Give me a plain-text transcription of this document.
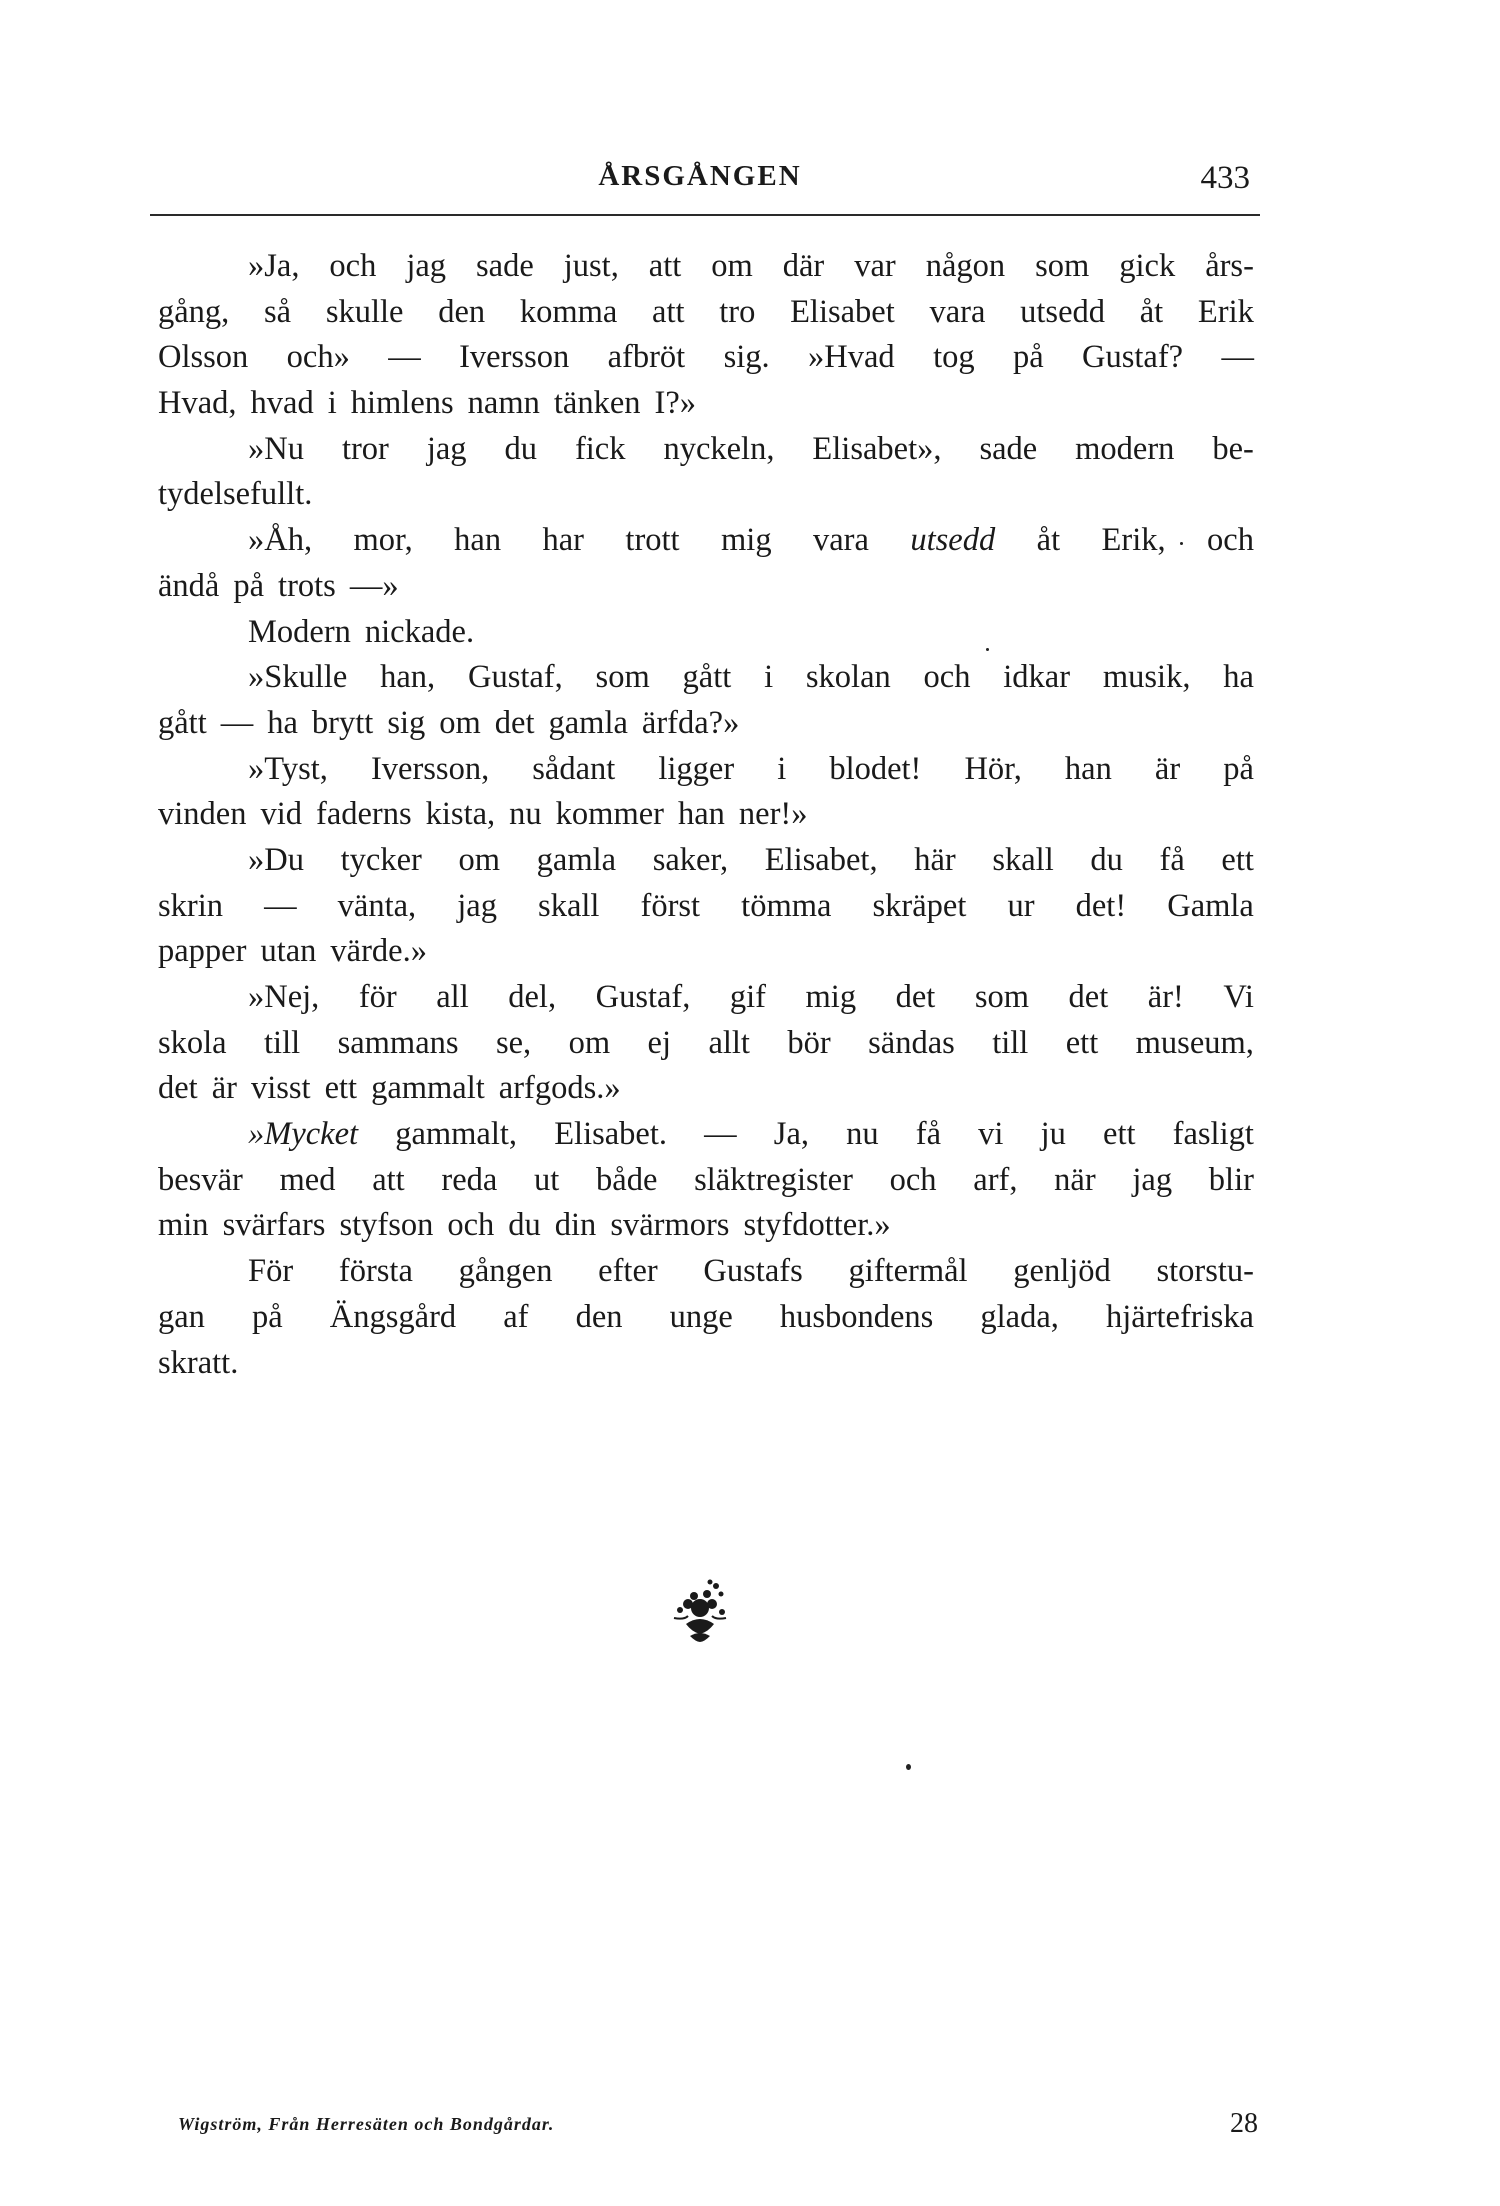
ÅRSGÅNGEN	433
»Ja, och jag sade just, att om där var någon som gick års-
gång, så skulle den komma att tro Elisabet vara utsedd åt Erik
Olsson och» — Iversson afbröt sig. »Hvad tog på Gustaf? —
Hvad, hvad i himlens namn tänken I?»
»Nu tror jag du fick nyckeln, Elisabet», sade modern be-
tydelsefullt.
»Åh, mor, han har trott mig vara utsedd åt Erik, och
ändå på trots —»
Modern nickade.
»Skulle han, Gustaf, som gått i skolan och idkar musik, ha
gått — ha brytt sig om det gamla ärfda?»
»Tyst, Iversson, sådant ligger i blodet! Hör, han är på
vinden vid faderns kista, nu kommer han ner!»
»Du tycker om gamla saker, Elisabet, här skall du få ett
skrin — vänta, jag skall först tömma skräpet ur det! Gamla
papper utan värde.»
»Nej, för all del, Gustaf, gif mig det som det är! Vi
skola till sammans se, om ej allt bör sändas till ett museum,
det är visst ett gammalt arfgods.»
»Mycket gammalt, Elisabet. — Ja, nu få vi ju ett fasligt
besvär med att reda ut både släktregister och arf, när jag blir
min svärfars styfson och du din svärmors styfdotter.»
För första gången efter Gustafs giftermål genljöd storstu-
gan på Ängsgård af den unge husbondens glada, hjärtefriska
skratt.
Wigström, Från Herresäten och Bondgårdar.	28
